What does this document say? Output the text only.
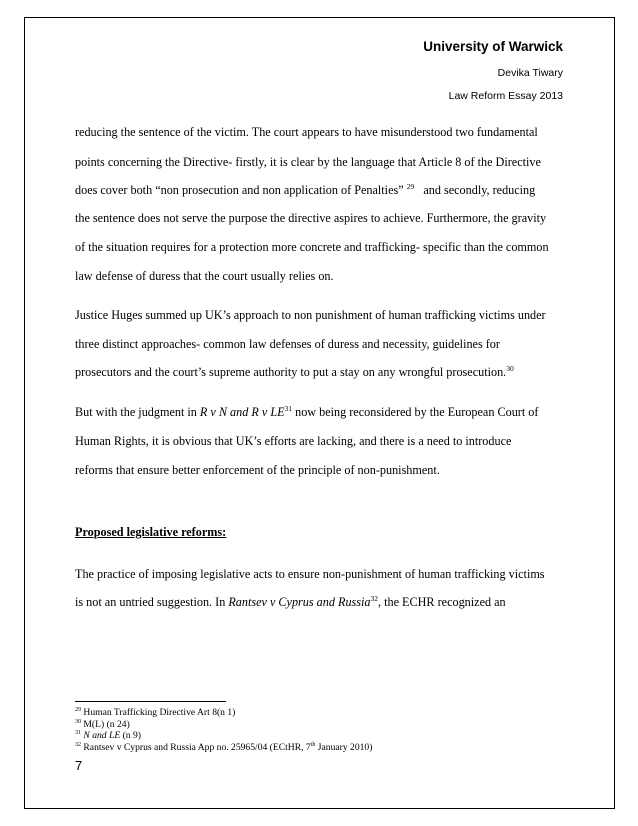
University of Warwick
Devika Tiwary
Law Reform Essay 2013
reducing the sentence of the victim. The court appears to have misunderstood two fundamental
points concerning the Directive- firstly, it is clear by the language that Article 8 of the Directive
does cover both “non prosecution and non application of Penalties” $^{29}$ and secondly, reducing
the sentence does not serve the purpose the directive aspires to achieve. Furthermore, the gravity
of the situation requires for a protection more concrete and trafficking- specific than the common
law defense of duress that the court usually relies on.
Justice Huges summed up UK’s approach to non punishment of human trafficking victims under
three distinct approaches- common law defenses of duress and necessity, guidelines for
prosecutors and the court’s supreme authority to put a stay on any wrongful prosecution.$^{30}$
But with the judgment in R v N and R v LE$^{31}$ now being reconsidered by the European Court of
Human Rights, it is obvious that UK’s efforts are lacking, and there is a need to introduce
reforms that ensure better enforcement of the principle of non-punishment.
Proposed legislative reforms:
The practice of imposing legislative acts to ensure non-punishment of human trafficking victims
is not an untried suggestion. In Rantsev v Cyprus and Russia$^{32}$, the ECHR recognized an
$^{29}$ Human Trafficking Directive Art 8(n 1)
$^{30}$ M(L) (n 24)
$^{31}$ N and LE (n 9)
$^{32}$ Rantsev v Cyprus and Russia App no. 25965/04 (ECtHR, 7th January 2010)
7
